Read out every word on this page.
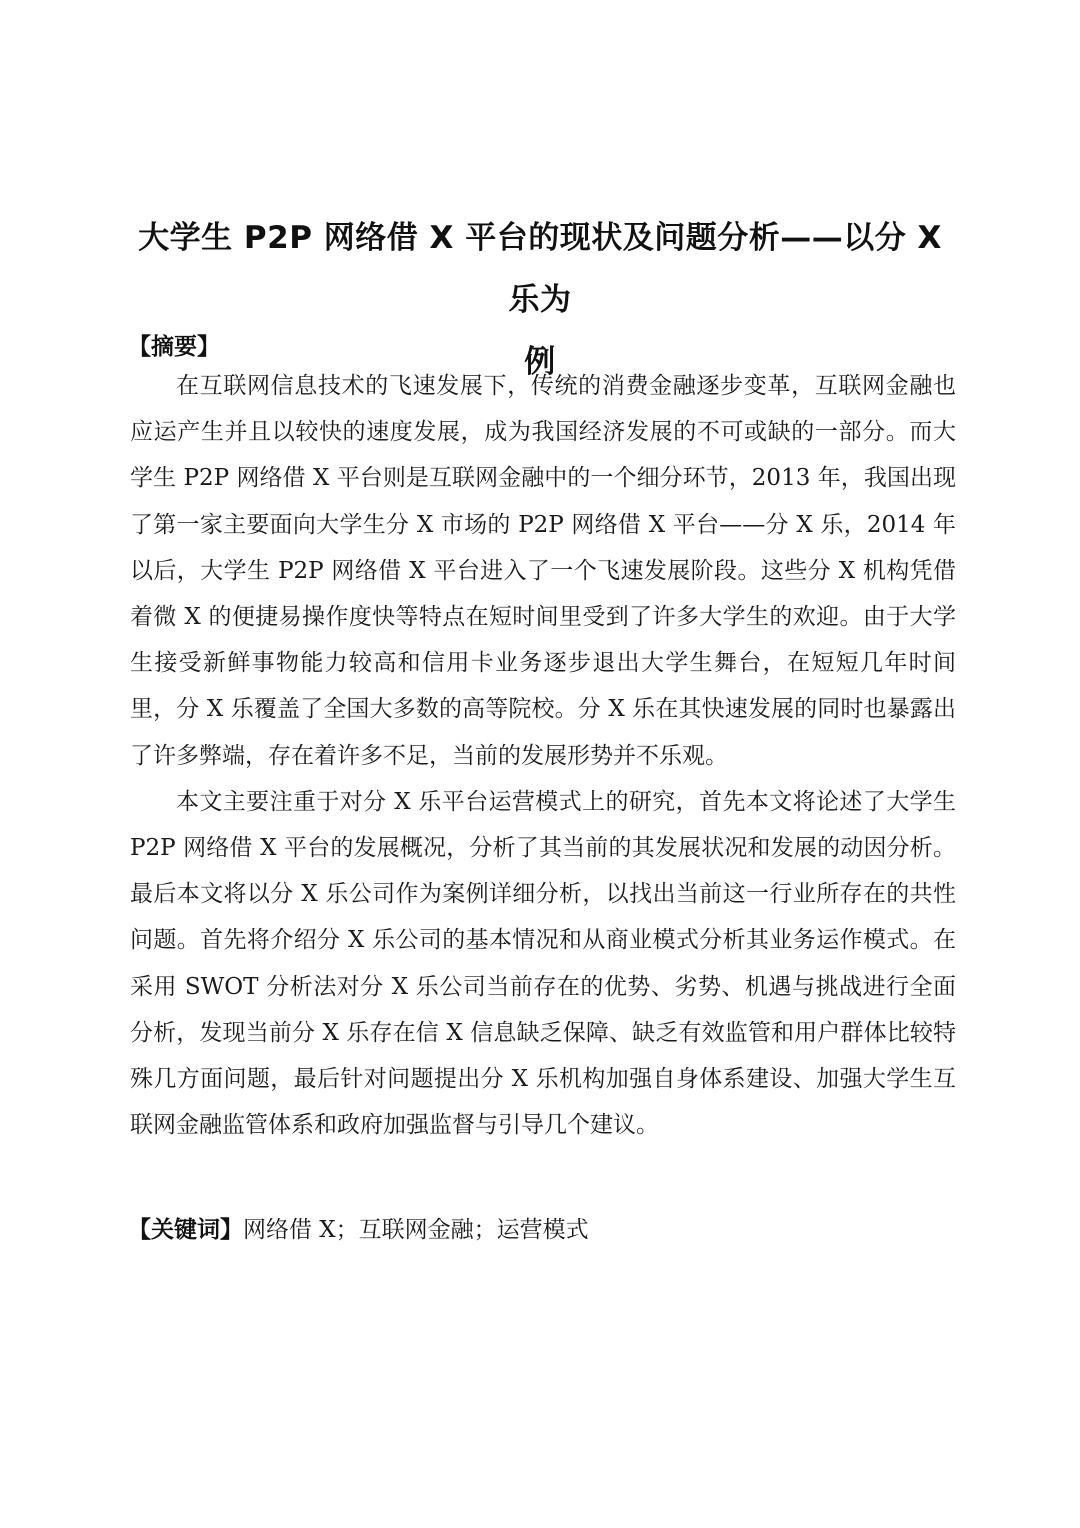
大学生 P2P 网络借 X 平台的现状及问题分析——以分 X 乐为
例
【摘要】

在互联网信息技术的飞速发展下，传统的消费金融逐步变革，互联网金融也应运产生并且以较快的速度发展，成为我国经济发展的不可或缺的一部分。而大学生 P2P 网络借 X 平台则是互联网金融中的一个细分环节，2013 年，我国出现了第一家主要面向大学生分 X 市场的 P2P 网络借 X 平台——分 X 乐，2014 年以后，大学生 P2P 网络借 X 平台进入了一个飞速发展阶段。这些分 X 机构凭借着微 X 的便捷易操作度快等特点在短时间里受到了许多大学生的欢迎。由于大学生接受新鲜事物能力较高和信用卡业务逐步退出大学生舞台，在短短几年时间里，分 X 乐覆盖了全国大多数的高等院校。分 X 乐在其快速发展的同时也暴露出了许多弊端，存在着许多不足，当前的发展形势并不乐观。

本文主要注重于对分 X 乐平台运营模式上的研究，首先本文将论述了大学生 P2P 网络借 X 平台的发展概况，分析了其当前的其发展状况和发展的动因分析。最后本文将以分 X 乐公司作为案例详细分析，以找出当前这一行业所存在的共性问题。首先将介绍分 X 乐公司的基本情况和从商业模式分析其业务运作模式。在采用 SWOT 分析法对分 X 乐公司当前存在的优势、劣势、机遇与挑战进行全面分析，发现当前分 X 乐存在信 X 信息缺乏保障、缺乏有效监管和用户群体比较特殊几方面问题，最后针对问题提出分 X 乐机构加强自身体系建设、加强大学生互联网金融监管体系和政府加强监督与引导几个建议。

【关键词】网络借 X；互联网金融；运营模式
